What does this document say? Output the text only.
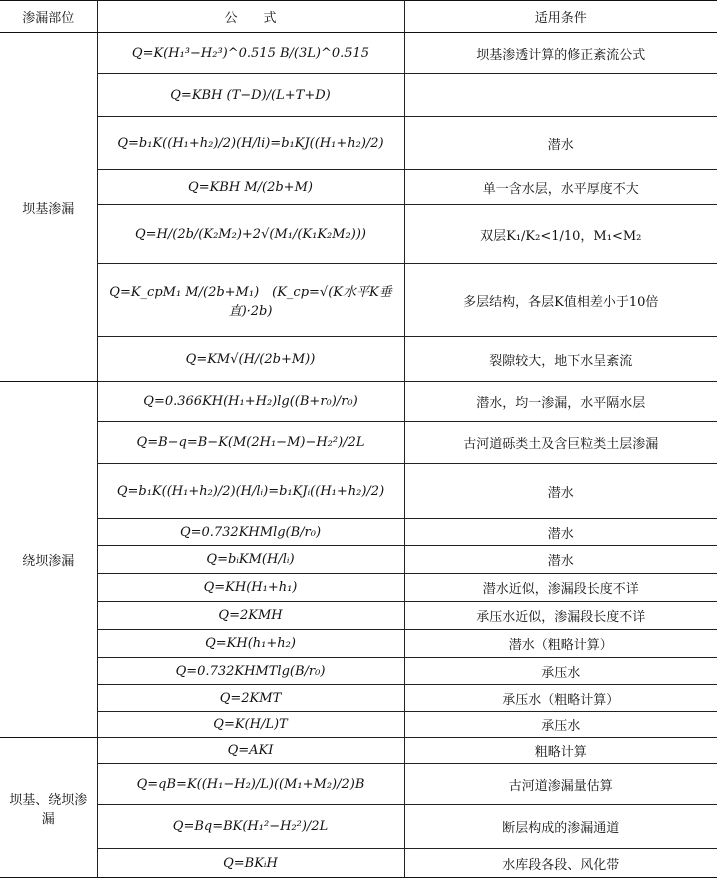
渗漏部位	公　　式	适用条件
坝基渗漏	Q=K(H₁³−H₂³)^0.515 B/(3L)^0.515	坝基渗透计算的修正紊流公式
	Q=KBH (T−D)/(L+T+D)	
	Q=b₁K((H₁+h₂)/2)(H/li)=b₁KJ((H₁+h₂)/2)	潜水
	Q=KBH M/(2b+M)	单一含水层，水平厚度不大
	Q=H/(2b/(K₂M₂)+2√(M₁/(K₁K₂M₂)))	双层K₁/K₂<1/10，M₁<M₂
	Q=K_cpM₁ M/(2b+M₁)　(K_cp=√(K水平K垂直)·2b)	多层结构，各层K值相差小于10倍
	Q=KM√(H/(2b+M))	裂隙较大，地下水呈紊流
绕坝渗漏	Q=0.366KH(H₁+H₂)lg((B+r₀)/r₀)	潜水，均一渗漏，水平隔水层
	Q=B−q=B−K(M(2H₁−M)−H₂²)/2L	古河道砾类土及含巨粒类土层渗漏
	Q=b₁K((H₁+h₂)/2)(H/lᵢ)=b₁KJᵢ((H₁+h₂)/2)	潜水
	Q=0.732KHMlg(B/r₀)	潜水
	Q=bᵢKM(H/lᵢ)	潜水
	Q=KH(H₁+h₁)	潜水近似，渗漏段长度不详
	Q=2KMH	承压水近似，渗漏段长度不详
	Q=KH(h₁+h₂)	潜水（粗略计算）
	Q=0.732KHMTlg(B/r₀)	承压水
	Q=2KMT	承压水（粗略计算）
	Q=K(H/L)T	承压水
坝基、绕坝渗漏	Q=AKI	粗略计算
	Q=qB=K((H₁−H₂)/L)((M₁+M₂)/2)B	古河道渗漏量估算
	Q=Bq=BK(H₁²−H₂²)/2L	断层构成的渗漏通道
	Q=BKᵢH	水库段各段、风化带
